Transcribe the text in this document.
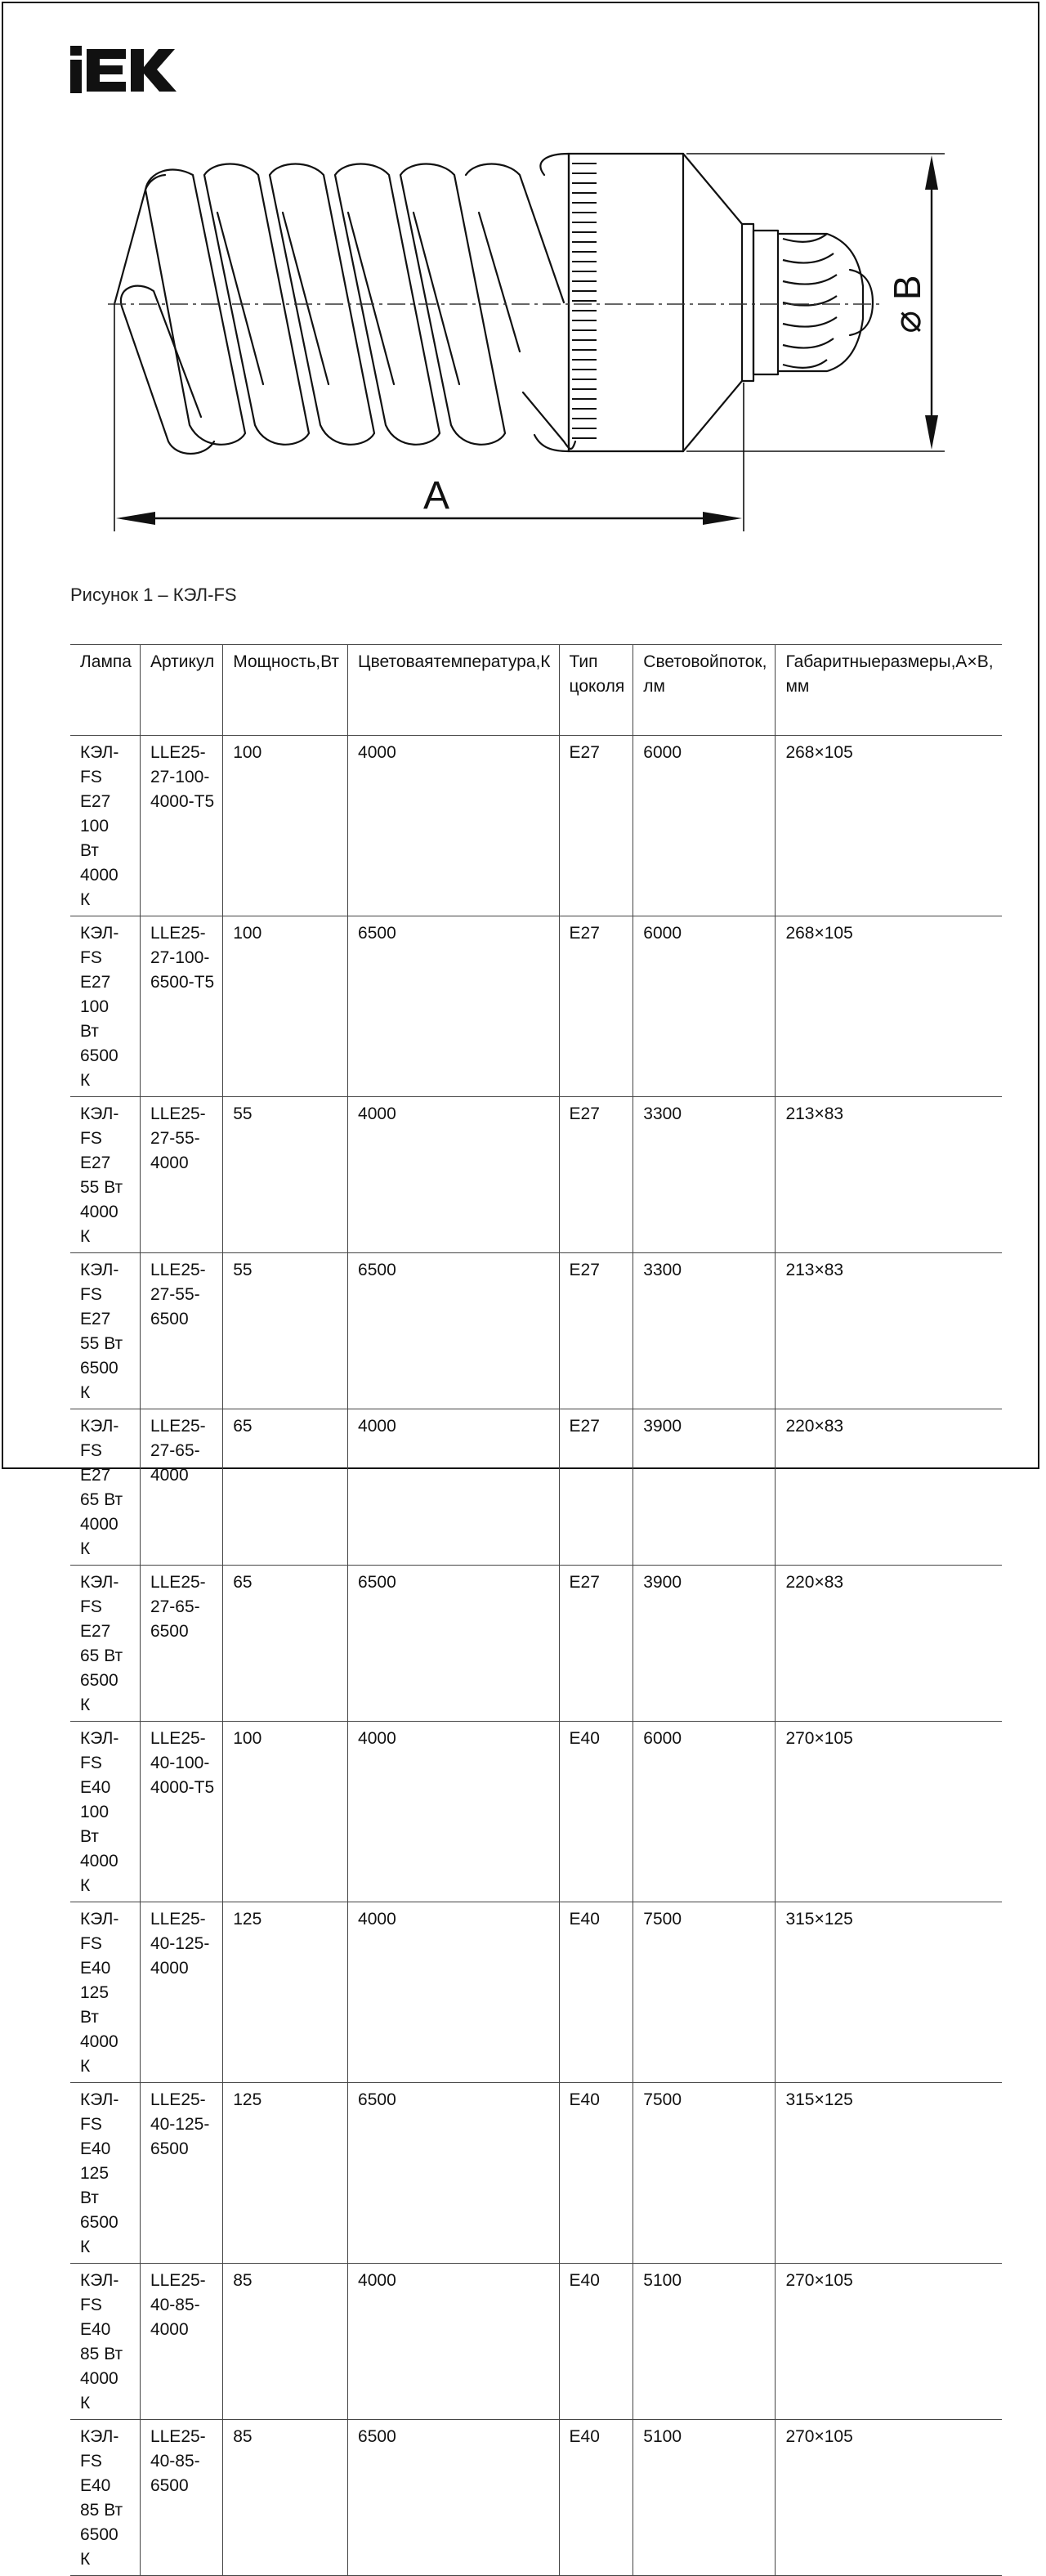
A
⌀ B
Рисунок 1 – КЭЛ-FS
Лампа	Артикул	Мощность,Вт	Цветоваятемпература,К	Тип цоколя	Световойпоток, лм	Габаритныеразмеры,A×B, мм

КЭЛ-FS E27
100 Вт 4000 К	LLE25-27-100-
4000-T5	100	4000	E27	6000	268×105

КЭЛ-FS E27
100 Вт 6500 К	LLE25-27-100-
6500-T5	100	6500	E27	6000	268×105

КЭЛ-FS E27
55 Вт 4000 К	LLE25-27-55-
4000	55	4000	E27	3300	213×83

КЭЛ-FS E27
55 Вт 6500 К	LLE25-27-55-
6500	55	6500	E27	3300	213×83

КЭЛ-FS E27
65 Вт 4000 К	LLE25-27-65-
4000	65	4000	E27	3900	220×83

КЭЛ-FS E27
65 Вт 6500 К	LLE25-27-65-
6500	65	6500	E27	3900	220×83

КЭЛ-FS E40
100 Вт 4000 К	LLE25-40-100-
4000-T5	100	4000	E40	6000	270×105

КЭЛ-FS E40
125 Вт 4000 К	LLE25-40-125-
4000	125	4000	E40	7500	315×125

КЭЛ-FS E40
125 Вт 6500 К	LLE25-40-125-
6500	125	6500	E40	7500	315×125

КЭЛ-FS E40
85 Вт 4000 К	LLE25-40-85-
4000	85	4000	E40	5100	270×105

КЭЛ-FS E40
85 Вт 6500 К	LLE25-40-85-
6500	85	6500	E40	5100	270×105
